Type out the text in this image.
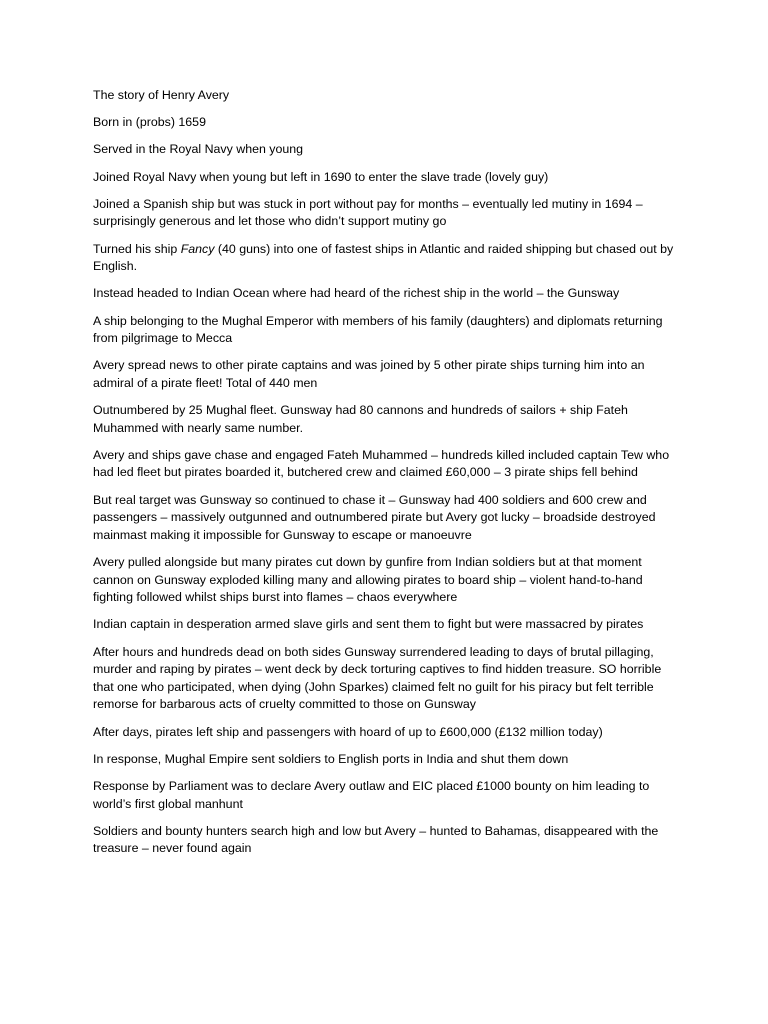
The story of Henry Avery

Born in (probs) 1659

Served in the Royal Navy when young

Joined Royal Navy when young but left in 1690 to enter the slave trade (lovely guy)

Joined a Spanish ship but was stuck in port without pay for months – eventually led mutiny in 1694 – surprisingly generous and let those who didn’t support mutiny go

Turned his ship Fancy (40 guns) into one of fastest ships in Atlantic and raided shipping but chased out by English.

Instead headed to Indian Ocean where had heard of the richest ship in the world – the Gunsway

A ship belonging to the Mughal Emperor with members of his family (daughters) and diplomats returning from pilgrimage to Mecca

Avery spread news to other pirate captains and was joined by 5 other pirate ships turning him into an admiral of a pirate fleet! Total of 440 men

Outnumbered by 25 Mughal fleet. Gunsway had 80 cannons and hundreds of sailors + ship Fateh Muhammed with nearly same number.

Avery and ships gave chase and engaged Fateh Muhammed – hundreds killed included captain Tew who had led fleet but pirates boarded it, butchered crew and claimed £60,000 – 3 pirate ships fell behind

But real target was Gunsway so continued to chase it – Gunsway had 400 soldiers and 600 crew and passengers – massively outgunned and outnumbered pirate but Avery got lucky – broadside destroyed mainmast making it impossible for Gunsway to escape or manoeuvre

Avery pulled alongside but many pirates cut down by gunfire from Indian soldiers but at that moment cannon on Gunsway exploded killing many and allowing pirates to board ship – violent hand-to-hand fighting followed whilst ships burst into flames – chaos everywhere

Indian captain in desperation armed slave girls and sent them to fight but were massacred by pirates

After hours and hundreds dead on both sides Gunsway surrendered leading to days of brutal pillaging, murder and raping by pirates – went deck by deck torturing captives to find hidden treasure. SO horrible that one who participated, when dying (John Sparkes) claimed felt no guilt for his piracy but felt terrible remorse for barbarous acts of cruelty committed to those on Gunsway

After days, pirates left ship and passengers with hoard of up to £600,000 (£132 million today)

In response, Mughal Empire sent soldiers to English ports in India and shut them down

Response by Parliament was to declare Avery outlaw and EIC placed £1000 bounty on him leading to world’s first global manhunt

Soldiers and bounty hunters search high and low but Avery – hunted to Bahamas, disappeared with the treasure – never found again
